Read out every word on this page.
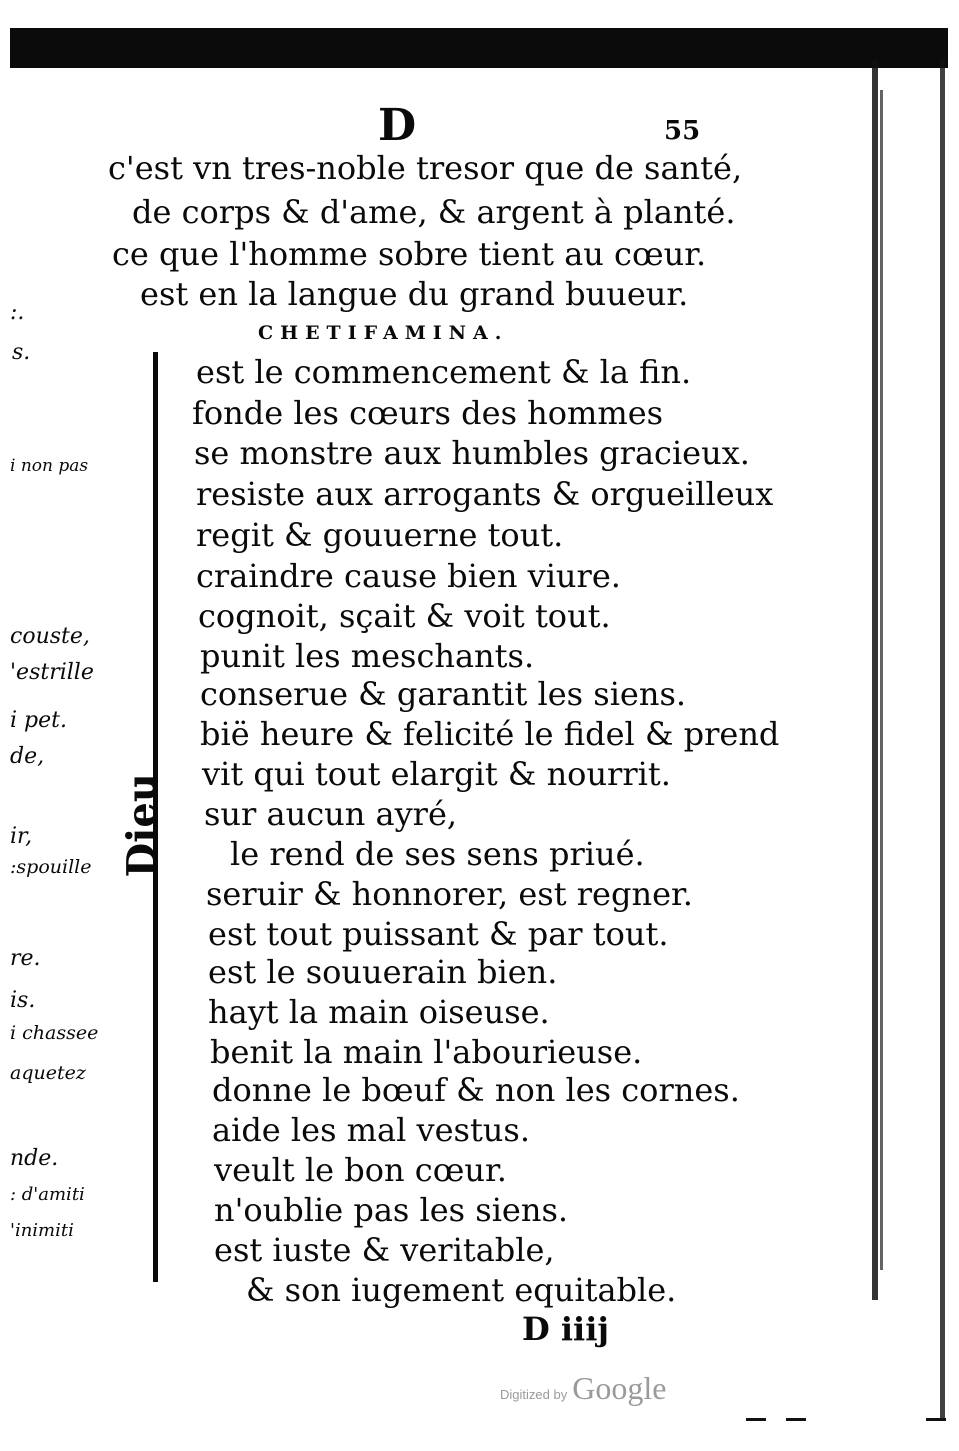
D	55
c'est vn tres-noble tresor que de santé,
de corps & d'ame, & argent à planté.
ce que l'homme sobre tient au cœur.
est en la langue du grand buueur.
CHETIFAMINA.
Dieu
est le commencement & la fin.
fonde les cœurs des hommes
se monstre aux humbles gracieux.
resiste aux arrogants & orgueilleux
regit & gouuerne tout.
craindre cause bien viure.
cognoit, sçait & voit tout.
punit les meschants.
conserue & garantit les siens.
bië heure & felicité le fidel & prend
vit qui tout elargit & nourrit.
sur aucun ayré,
le rend de ses sens priué.
seruir & honnorer, est regner.
est tout puissant & par tout.
est le souuerain bien.
hayt la main oiseuse.
benit la main l'abourieuse.
donne le bœuf & non les cornes.
aide les mal vestus.
veult le bon cœur.
n'oublie pas les siens.
est iuste & veritable,
& son iugement equitable.
:.
s.
i non pas
couste,
'estrille
i pet.
de,
ir,
:spouille
re.
is.
i chassee
aquetez
nde.
: d'amiti
'inimiti
D iiij
Digitized by Google
